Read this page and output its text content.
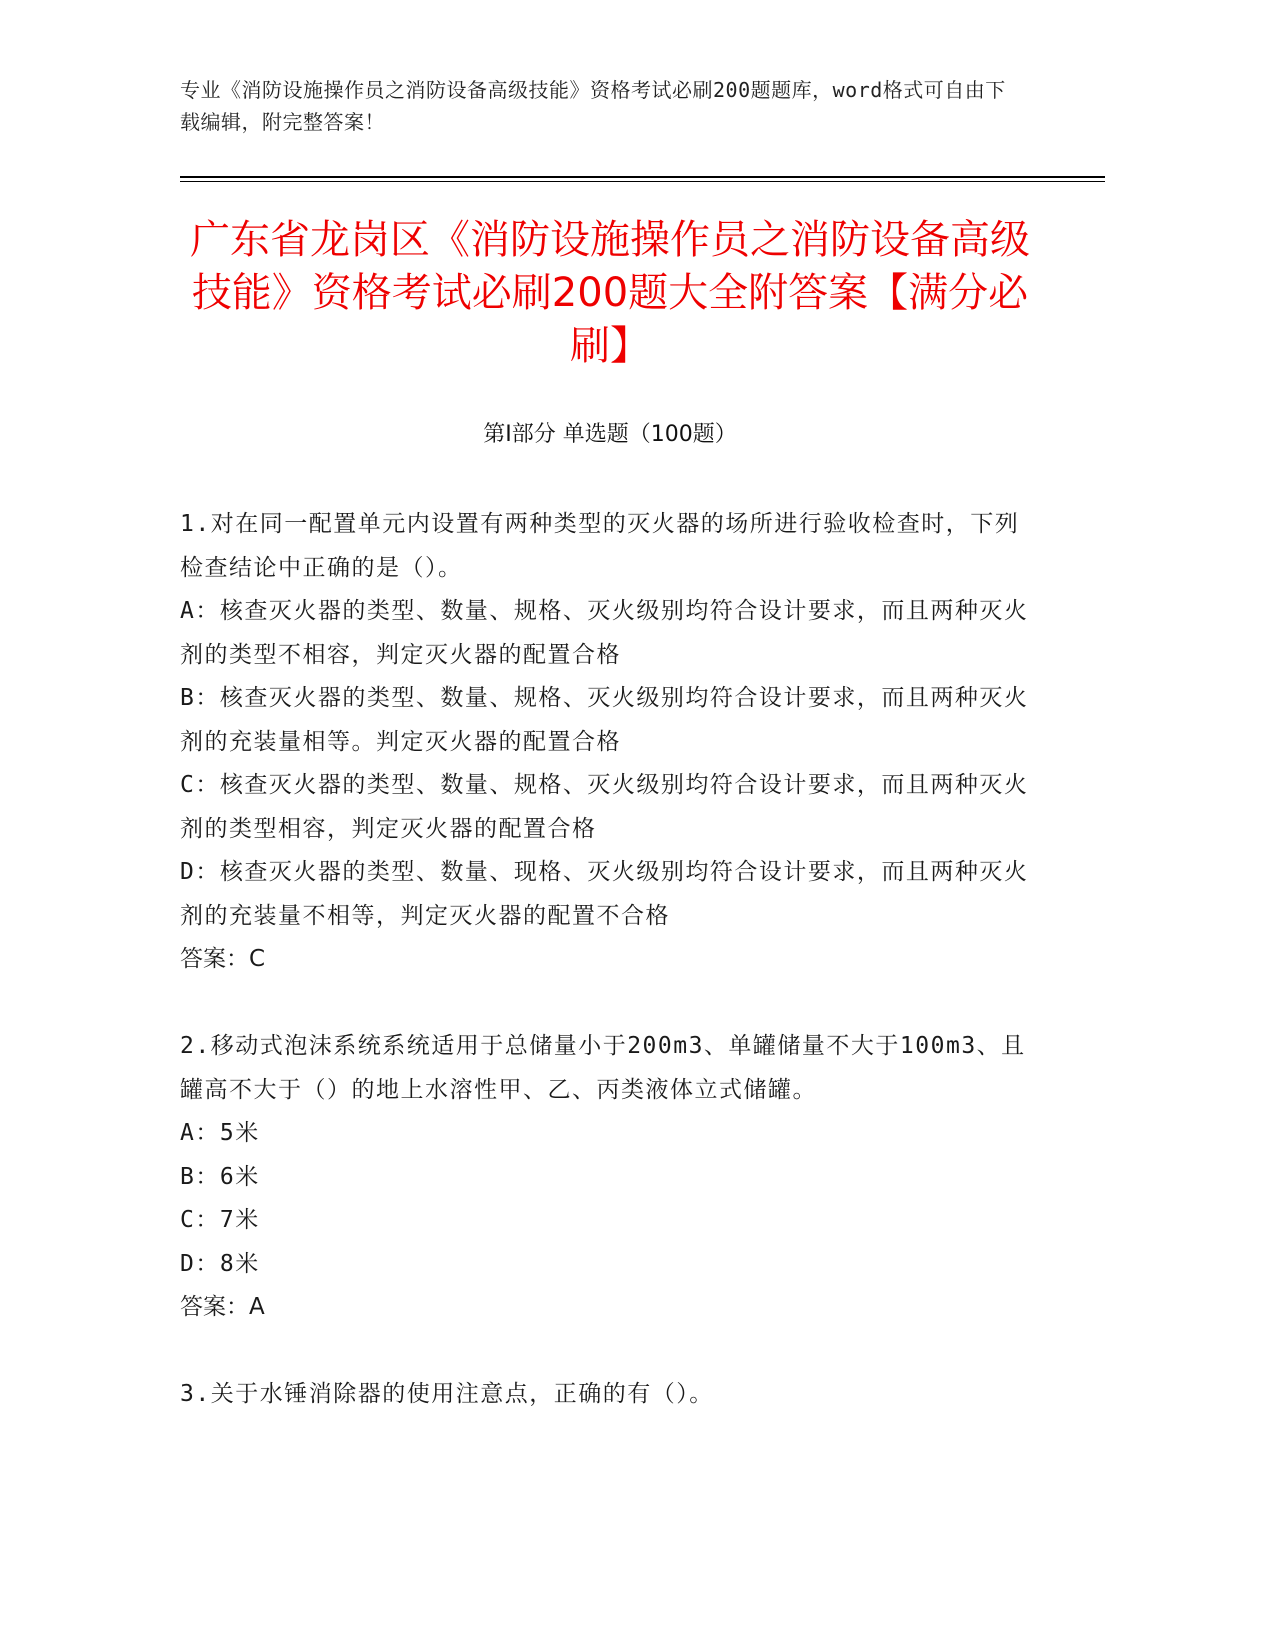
专业《消防设施操作员之消防设备高级技能》资格考试必刷200题题库，word格式可自由下载编辑，附完整答案！
广东省龙岗区《消防设施操作员之消防设备高级技能》资格考试必刷200题大全附答案【满分必刷】
第I部分 单选题（100题）
1.对在同一配置单元内设置有两种类型的灭火器的场所进行验收检查时，下列检查结论中正确的是（）。
A：核查灭火器的类型、数量、规格、灭火级别均符合设计要求，而且两种灭火剂的类型不相容，判定灭火器的配置合格
B：核查灭火器的类型、数量、规格、灭火级别均符合设计要求，而且两种灭火剂的充装量相等。判定灭火器的配置合格
C：核查灭火器的类型、数量、规格、灭火级别均符合设计要求，而且两种灭火剂的类型相容，判定灭火器的配置合格
D：核查灭火器的类型、数量、现格、灭火级别均符合设计要求，而且两种灭火剂的充装量不相等，判定灭火器的配置不合格
答案：C
2.移动式泡沫系统系统适用于总储量小于200m3、单罐储量不大于100m3、且罐高不大于（）的地上水溶性甲、乙、丙类液体立式储罐。
A：5米
B：6米
C：7米
D：8米
答案：A
3.关于水锤消除器的使用注意点，正确的有（）。
